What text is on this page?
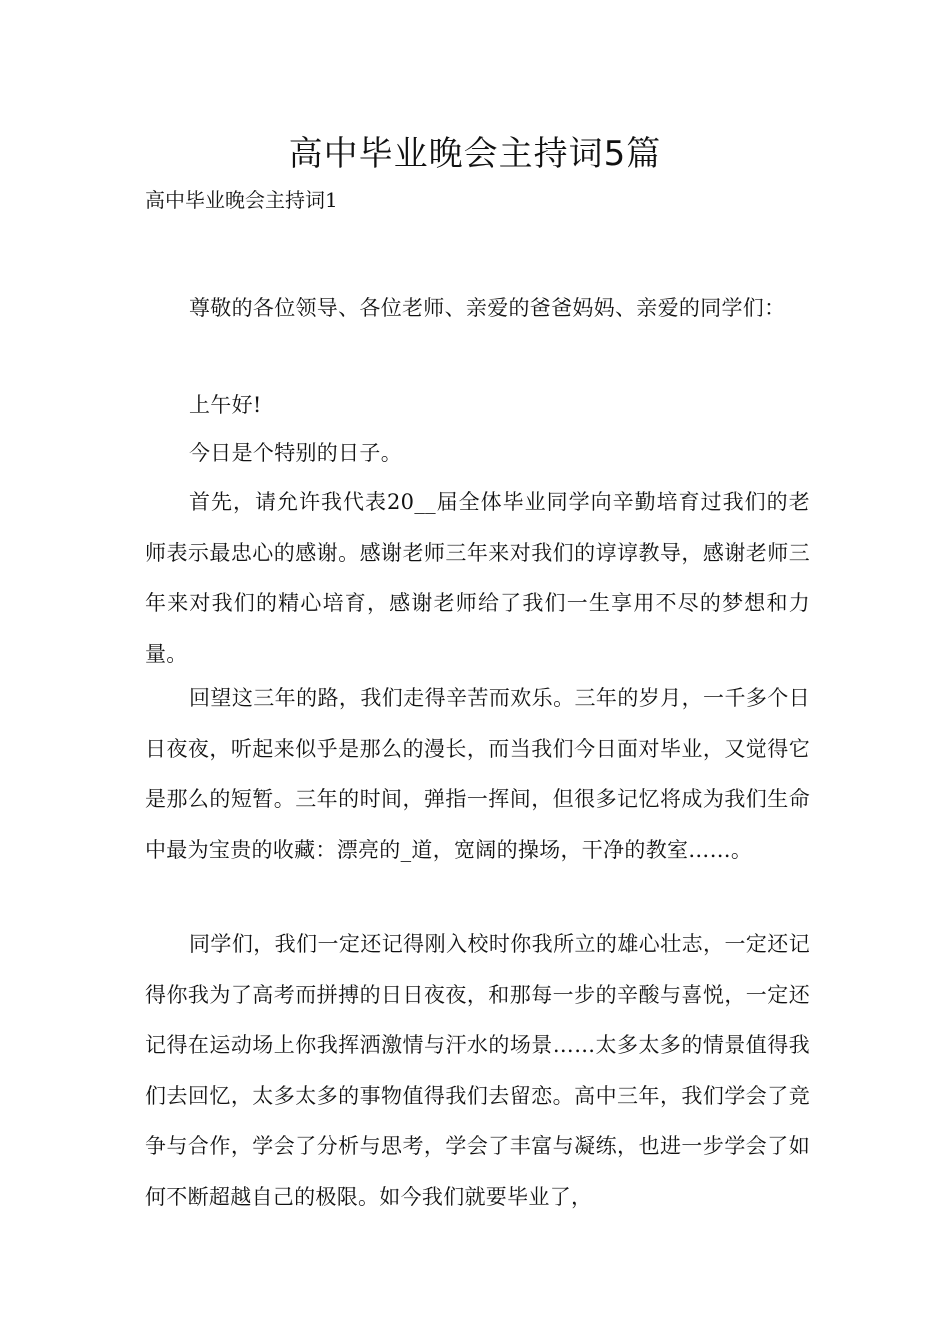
高中毕业晚会主持词5篇

高中毕业晚会主持词1

尊敬的各位领导、各位老师、亲爱的爸爸妈妈、亲爱的同学们：

上午好!

今日是个特别的日子。

首先，请允许我代表20__届全体毕业同学向辛勤培育过我们的老师表示最忠心的感谢。感谢老师三年来对我们的谆谆教导，感谢老师三年来对我们的精心培育，感谢老师给了我们一生享用不尽的梦想和力量。

回望这三年的路，我们走得辛苦而欢乐。三年的岁月，一千多个日日夜夜，听起来似乎是那么的漫长，而当我们今日面对毕业，又觉得它是那么的短暂。三年的时间，弹指一挥间，但很多记忆将成为我们生命中最为宝贵的收藏：漂亮的_道，宽阔的操场，干净的教室……。

同学们，我们一定还记得刚入校时你我所立的雄心壮志，一定还记得你我为了高考而拼搏的日日夜夜，和那每一步的辛酸与喜悦，一定还记得在运动场上你我挥洒激情与汗水的场景……太多太多的情景值得我们去回忆，太多太多的事物值得我们去留恋。高中三年，我们学会了竞争与合作，学会了分析与思考，学会了丰富与凝练，也进一步学会了如何不断超越自己的极限。如今我们就要毕业了，
